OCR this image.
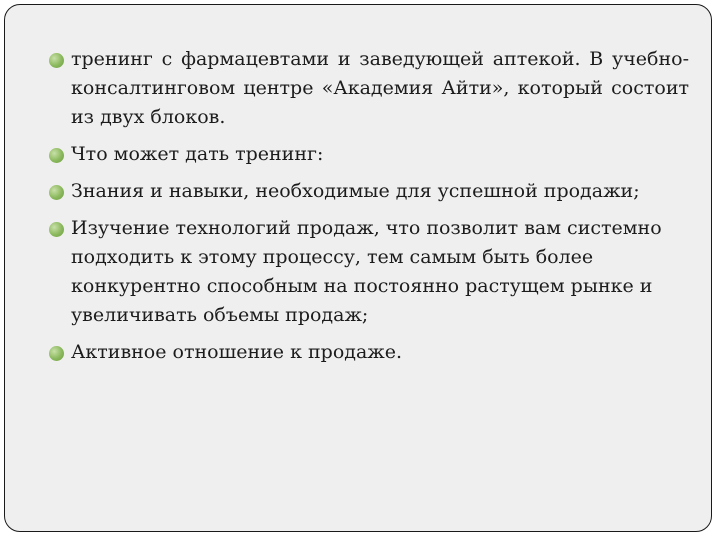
тренинг с фармацевтами и заведующей аптекой. В учебно-консалтинговом центре «Академия Айти», который состоит из двух блоков.
Что может дать тренинг:
Знания и навыки, необходимые для успешной продажи;
Изучение технологий продаж, что позволит вам системно подходить к этому процессу, тем самым быть более конкурентно способным на постоянно растущем рынке и увеличивать объемы продаж;
Активное отношение к продаже.
